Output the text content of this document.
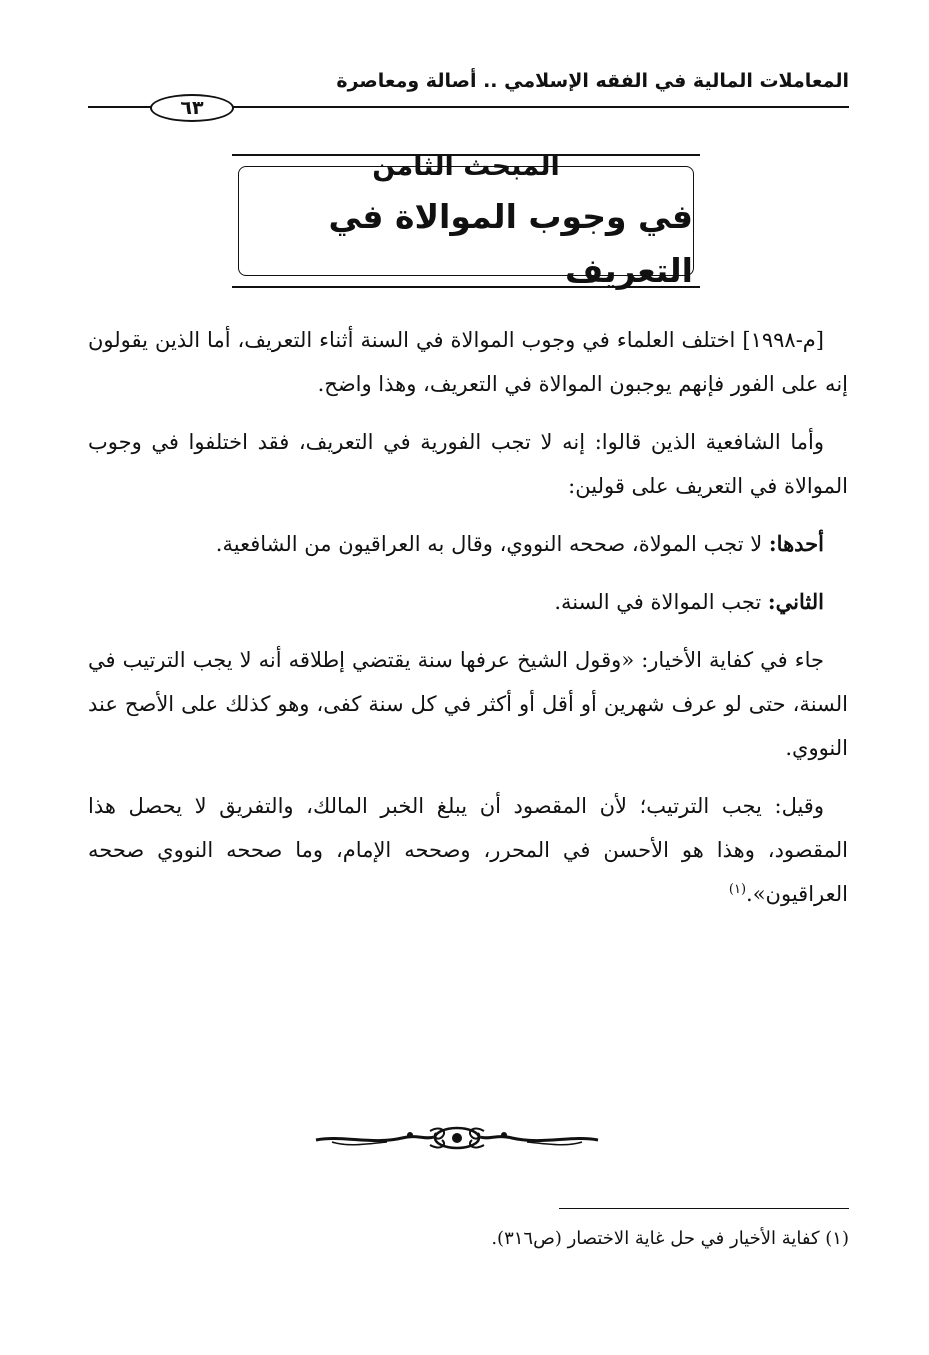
المعاملات المالية في الفقه الإسلامي .. أصالة ومعاصرة
٦٣
المبحث الثامن
في وجوب الموالاة في التعريف

[م-١٩٩٨] اختلف العلماء في وجوب الموالاة في السنة أثناء التعريف، أما الذين يقولون إنه على الفور فإنهم يوجبون الموالاة في التعريف، وهذا واضح.

وأما الشافعية الذين قالوا: إنه لا تجب الفورية في التعريف، فقد اختلفوا في وجوب الموالاة في التعريف على قولين:

أحدها: لا تجب المولاة، صححه النووي، وقال به العراقيون من الشافعية.

الثاني: تجب الموالاة في السنة.

جاء في كفاية الأخيار: «وقول الشيخ عرفها سنة يقتضي إطلاقه أنه لا يجب الترتيب في السنة، حتى لو عرف شهرين أو أقل أو أكثر في كل سنة كفى، وهو كذلك على الأصح عند النووي.

وقيل: يجب الترتيب؛ لأن المقصود أن يبلغ الخبر المالك، والتفريق لا يحصل هذا المقصود، وهذا هو الأحسن في المحرر، وصححه الإمام، وما صححه النووي صححه العراقيون».$^{(١)}$

(١) كفاية الأخيار في حل غاية الاختصار (ص٣١٦).
